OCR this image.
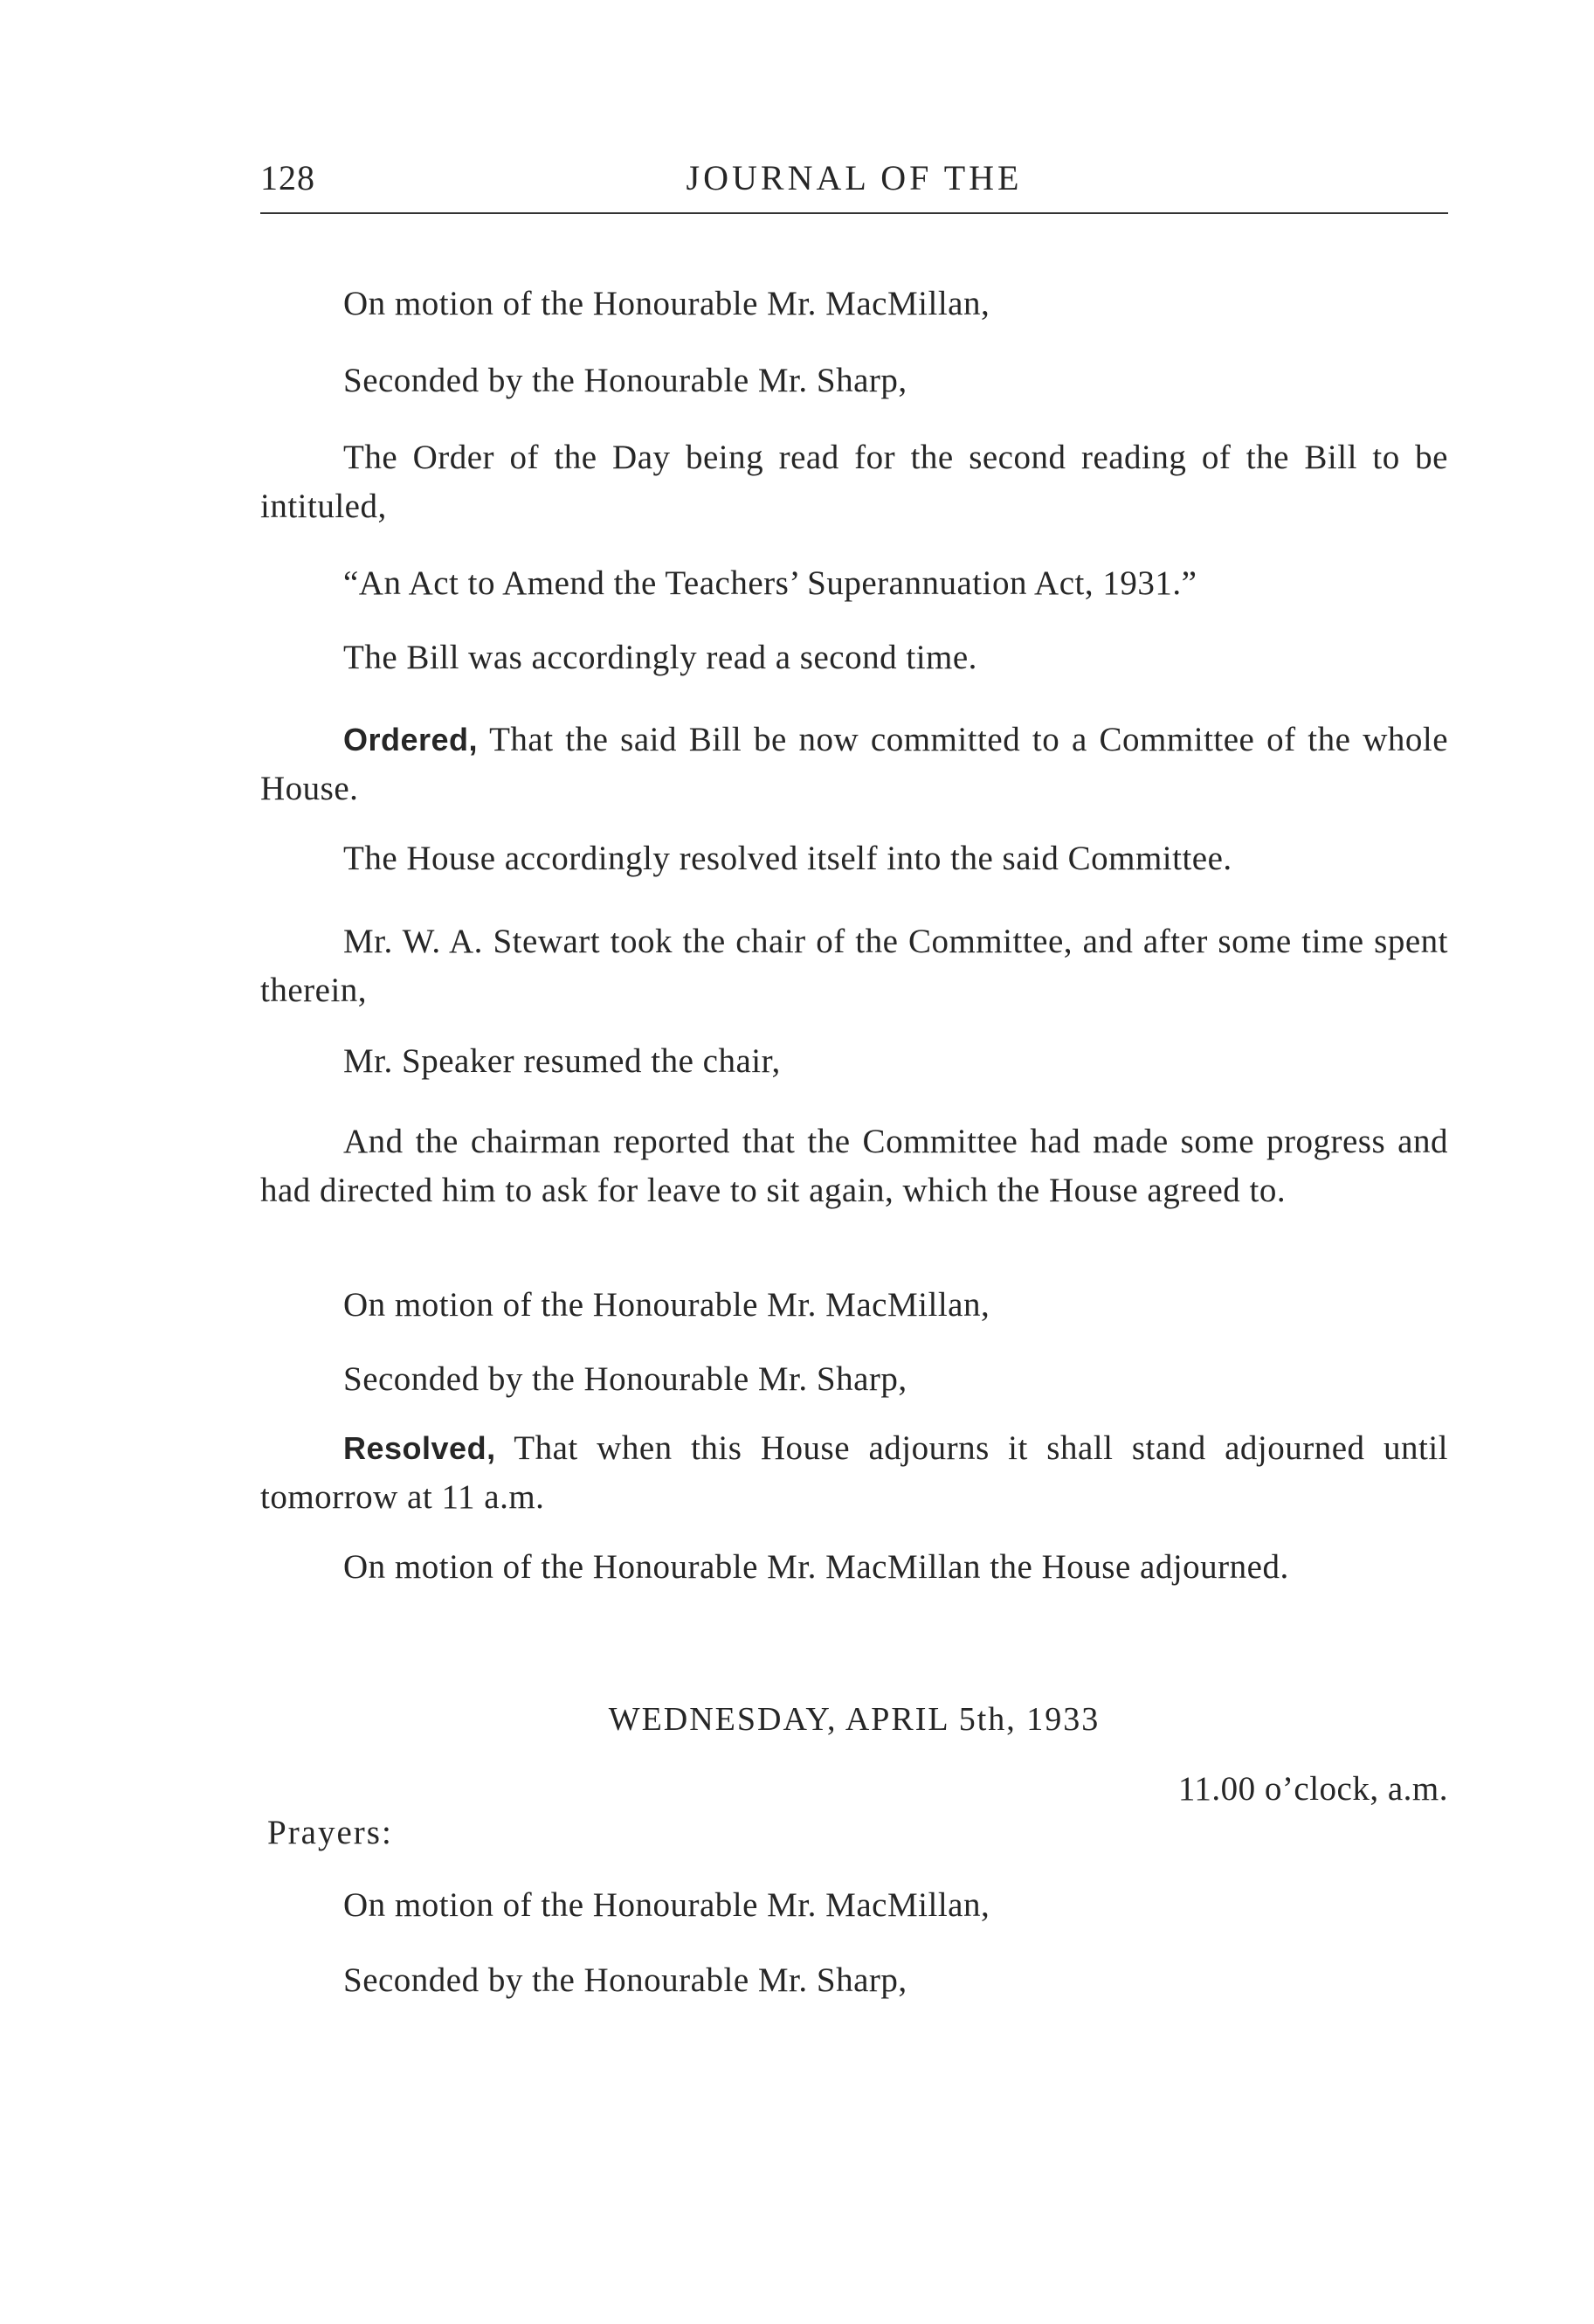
128	JOURNAL OF THE
On motion of the Honourable Mr. MacMillan,
Seconded by the Honourable Mr. Sharp,
The Order of the Day being read for the second reading of the Bill to be intituled,
“An Act to Amend the Teachers’ Superannuation Act, 1931.”
The Bill was accordingly read a second time.
Ordered, That the said Bill be now committed to a Committee of the whole House.
The House accordingly resolved itself into the said Committee.
Mr. W. A. Stewart took the chair of the Committee, and after some time spent therein,
Mr. Speaker resumed the chair,
And the chairman reported that the Committee had made some progress and had directed him to ask for leave to sit again, which the House agreed to.
On motion of the Honourable Mr. MacMillan,
Seconded by the Honourable Mr. Sharp,
Resolved, That when this House adjourns it shall stand adjourned until tomorrow at 11 a.m.
On motion of the Honourable Mr. MacMillan the House adjourned.
WEDNESDAY, APRIL 5th, 1933
11.00 o’clock, a.m.
Prayers:
On motion of the Honourable Mr. MacMillan,
Seconded by the Honourable Mr. Sharp,
